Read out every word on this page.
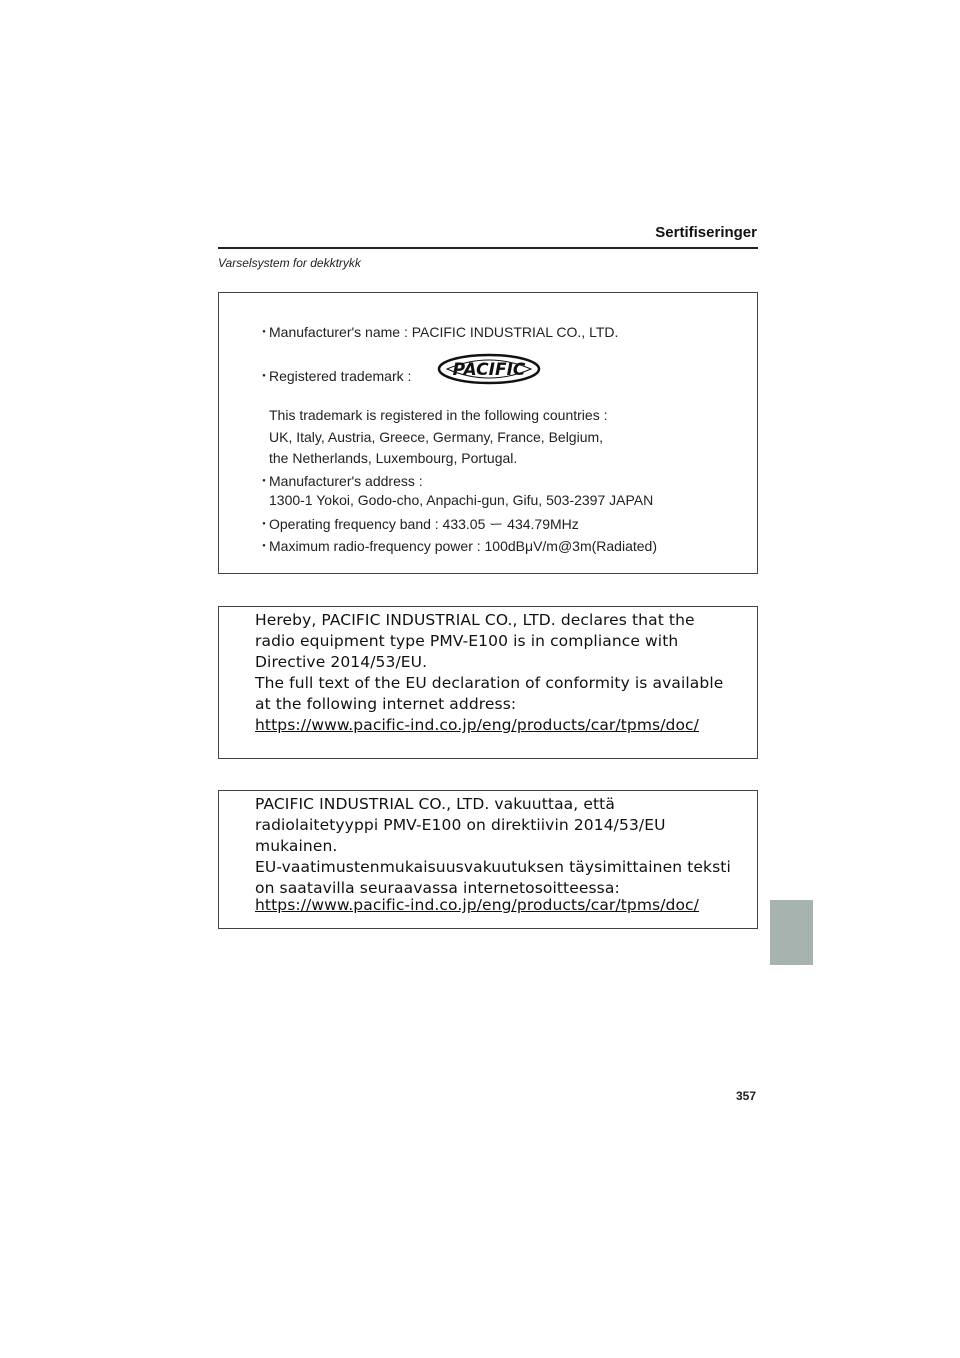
Sertifiseringer
Varselsystem for dekktrykk
・Manufacturer's name : PACIFIC INDUSTRIAL CO., LTD.
・Registered trademark : PACIFIC
This trademark is registered in the following countries :
UK, Italy, Austria, Greece, Germany, France, Belgium,
the Netherlands, Luxembourg, Portugal.
・Manufacturer's address :
1300-1 Yokoi, Godo-cho, Anpachi-gun, Gifu, 503-2397 JAPAN
・Operating frequency band : 433.05 ー 434.79MHz
・Maximum radio-frequency power : 100dBμV/m@3m(Radiated)
Hereby, PACIFIC INDUSTRIAL CO., LTD. declares that the
radio equipment type PMV-E100 is in compliance with
Directive 2014/53/EU.
The full text of the EU declaration of conformity is available
at the following internet address:
https://www.pacific-ind.co.jp/eng/products/car/tpms/doc/
PACIFIC INDUSTRIAL CO., LTD. vakuuttaa, että
radiolaitetyyppi PMV-E100 on direktiivin 2014/53/EU
mukainen.
EU-vaatimustenmukaisuusvakuutuksen täysimittainen teksti
on saatavilla seuraavassa internetosoitteessa:
https://www.pacific-ind.co.jp/eng/products/car/tpms/doc/
357
